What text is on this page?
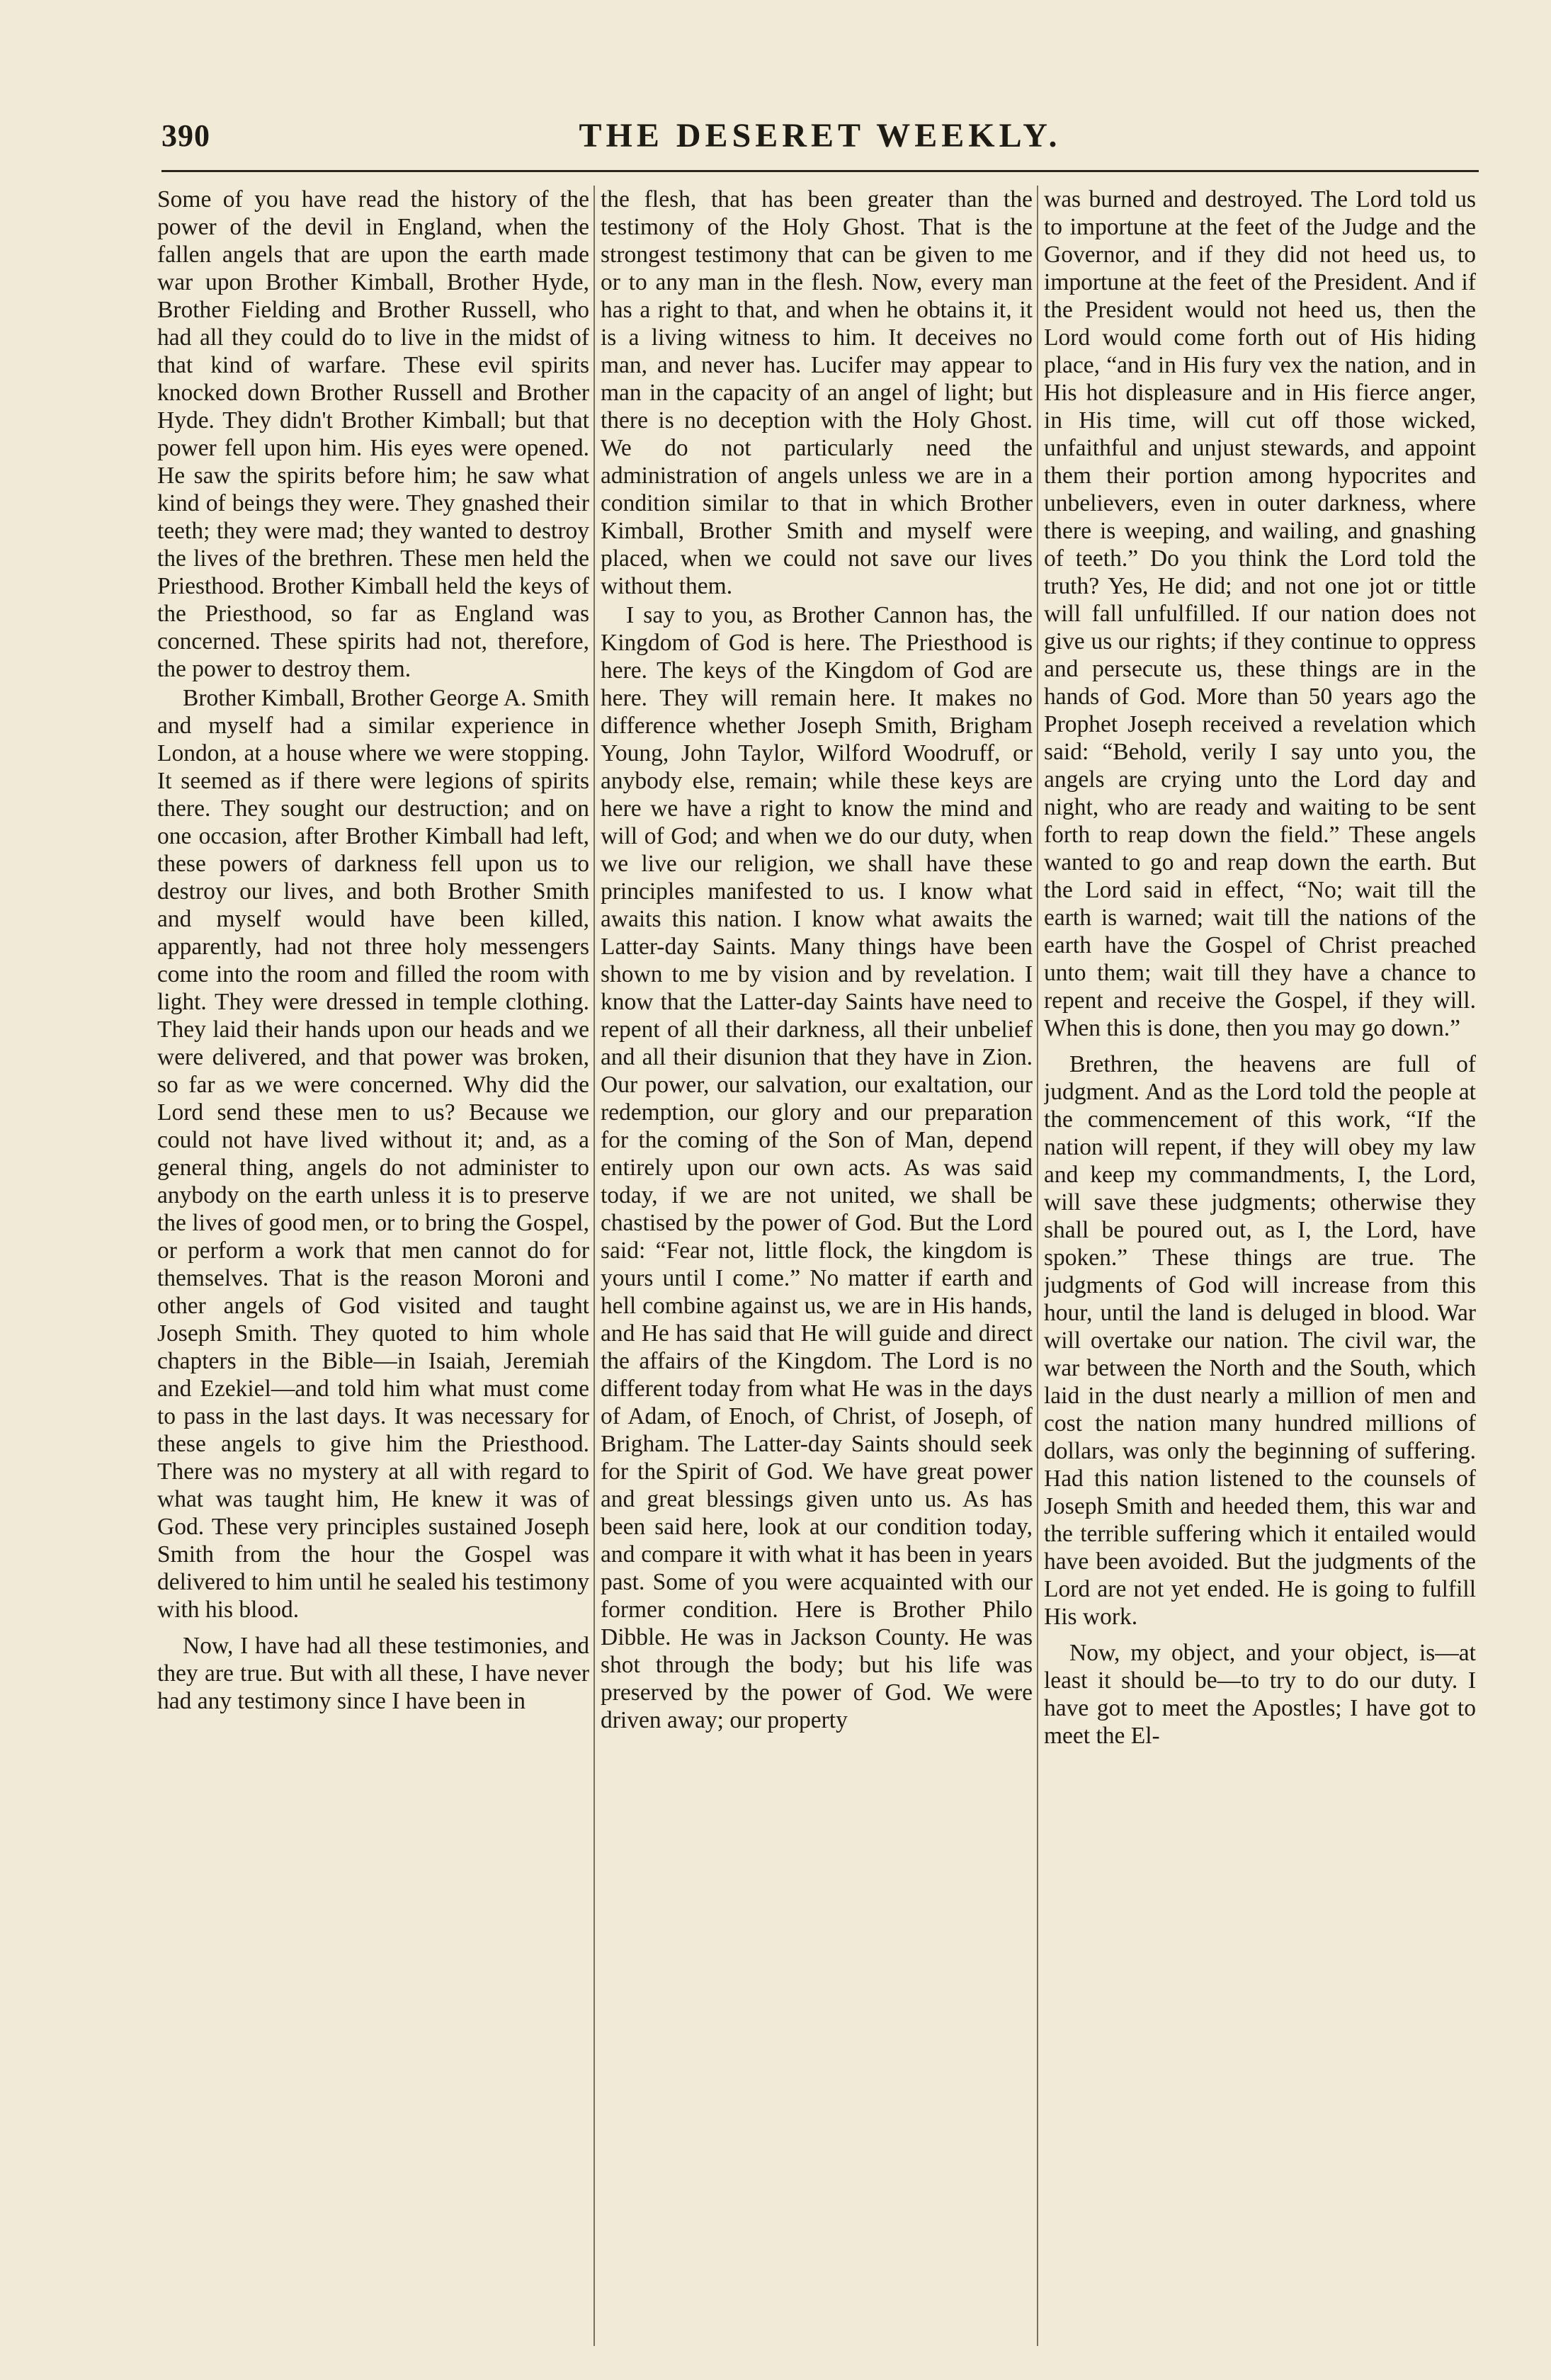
390	THE DESERET WEEKLY.

Some of you have read the history of the power of the devil in England, when the fallen angels that are upon the earth made war upon Brother Kimball, Brother Hyde, Brother Fielding and Brother Russell, who had all they could do to live in the midst of that kind of warfare. These evil spirits knocked down Brother Russell and Brother Hyde. They didn't Brother Kimball; but that power fell upon him. His eyes were opened. He saw the spirits before him; he saw what kind of beings they were. They gnashed their teeth; they were mad; they wanted to destroy the lives of the brethren. These men held the Priesthood. Brother Kimball held the keys of the Priesthood, so far as England was concerned. These spirits had not, therefore, the power to destroy them.

Brother Kimball, Brother George A. Smith and myself had a similar experience in London, at a house where we were stopping. It seemed as if there were legions of spirits there. They sought our destruction; and on one occasion, after Brother Kimball had left, these powers of darkness fell upon us to destroy our lives, and both Brother Smith and myself would have been killed, apparently, had not three holy messengers come into the room and filled the room with light. They were dressed in temple clothing. They laid their hands upon our heads and we were delivered, and that power was broken, so far as we were concerned. Why did the Lord send these men to us? Because we could not have lived without it; and, as a general thing, angels do not administer to anybody on the earth unless it is to preserve the lives of good men, or to bring the Gospel, or perform a work that men cannot do for themselves. That is the reason Moroni and other angels of God visited and taught Joseph Smith. They quoted to him whole chapters in the Bible—in Isaiah, Jeremiah and Ezekiel—and told him what must come to pass in the last days. It was necessary for these angels to give him the Priesthood. There was no mystery at all with regard to what was taught him, He knew it was of God. These very principles sustained Joseph Smith from the hour the Gospel was delivered to him until he sealed his testimony with his blood.

Now, I have had all these testimonies, and they are true. But with all these, I have never had any testimony since I have been in

the flesh, that has been greater than the testimony of the Holy Ghost. That is the strongest testimony that can be given to me or to any man in the flesh. Now, every man has a right to that, and when he obtains it, it is a living witness to him. It deceives no man, and never has. Lucifer may appear to man in the capacity of an angel of light; but there is no deception with the Holy Ghost. We do not particularly need the administration of angels unless we are in a condition similar to that in which Brother Kimball, Brother Smith and myself were placed, when we could not save our lives without them.

I say to you, as Brother Cannon has, the Kingdom of God is here. The Priesthood is here. The keys of the Kingdom of God are here. They will remain here. It makes no difference whether Joseph Smith, Brigham Young, John Taylor, Wilford Woodruff, or anybody else, remain; while these keys are here we have a right to know the mind and will of God; and when we do our duty, when we live our religion, we shall have these principles manifested to us. I know what awaits this nation. I know what awaits the Latter-day Saints. Many things have been shown to me by vision and by revelation. I know that the Latter-day Saints have need to repent of all their darkness, all their unbelief and all their disunion that they have in Zion. Our power, our salvation, our exaltation, our redemption, our glory and our preparation for the coming of the Son of Man, depend entirely upon our own acts. As was said today, if we are not united, we shall be chastised by the power of God. But the Lord said: “Fear not, little flock, the kingdom is yours until I come.” No matter if earth and hell combine against us, we are in His hands, and He has said that He will guide and direct the affairs of the Kingdom. The Lord is no different today from what He was in the days of Adam, of Enoch, of Christ, of Joseph, of Brigham. The Latter-day Saints should seek for the Spirit of God. We have great power and great blessings given unto us. As has been said here, look at our condition today, and compare it with what it has been in years past. Some of you were acquainted with our former condition. Here is Brother Philo Dibble. He was in Jackson County. He was shot through the body; but his life was preserved by the power of God. We were driven away; our property

was burned and destroyed. The Lord told us to importune at the feet of the Judge and the Governor, and if they did not heed us, to importune at the feet of the President. And if the President would not heed us, then the Lord would come forth out of His hiding place, “and in His fury vex the nation, and in His hot displeasure and in His fierce anger, in His time, will cut off those wicked, unfaithful and unjust stewards, and appoint them their portion among hypocrites and unbelievers, even in outer darkness, where there is weeping, and wailing, and gnashing of teeth.” Do you think the Lord told the truth? Yes, He did; and not one jot or tittle will fall unfulfilled. If our nation does not give us our rights; if they continue to oppress and persecute us, these things are in the hands of God. More than 50 years ago the Prophet Joseph received a revelation which said: “Behold, verily I say unto you, the angels are crying unto the Lord day and night, who are ready and waiting to be sent forth to reap down the field.” These angels wanted to go and reap down the earth. But the Lord said in effect, “No; wait till the earth is warned; wait till the nations of the earth have the Gospel of Christ preached unto them; wait till they have a chance to repent and receive the Gospel, if they will. When this is done, then you may go down.”

Brethren, the heavens are full of judgment. And as the Lord told the people at the commencement of this work, “If the nation will repent, if they will obey my law and keep my commandments, I, the Lord, will save these judgments; otherwise they shall be poured out, as I, the Lord, have spoken.” These things are true. The judgments of God will increase from this hour, until the land is deluged in blood. War will overtake our nation. The civil war, the war between the North and the South, which laid in the dust nearly a million of men and cost the nation many hundred millions of dollars, was only the beginning of suffering. Had this nation listened to the counsels of Joseph Smith and heeded them, this war and the terrible suffering which it entailed would have been avoided. But the judgments of the Lord are not yet ended. He is going to fulfill His work.

Now, my object, and your object, is—at least it should be—to try to do our duty. I have got to meet the Apostles; I have got to meet the El-
